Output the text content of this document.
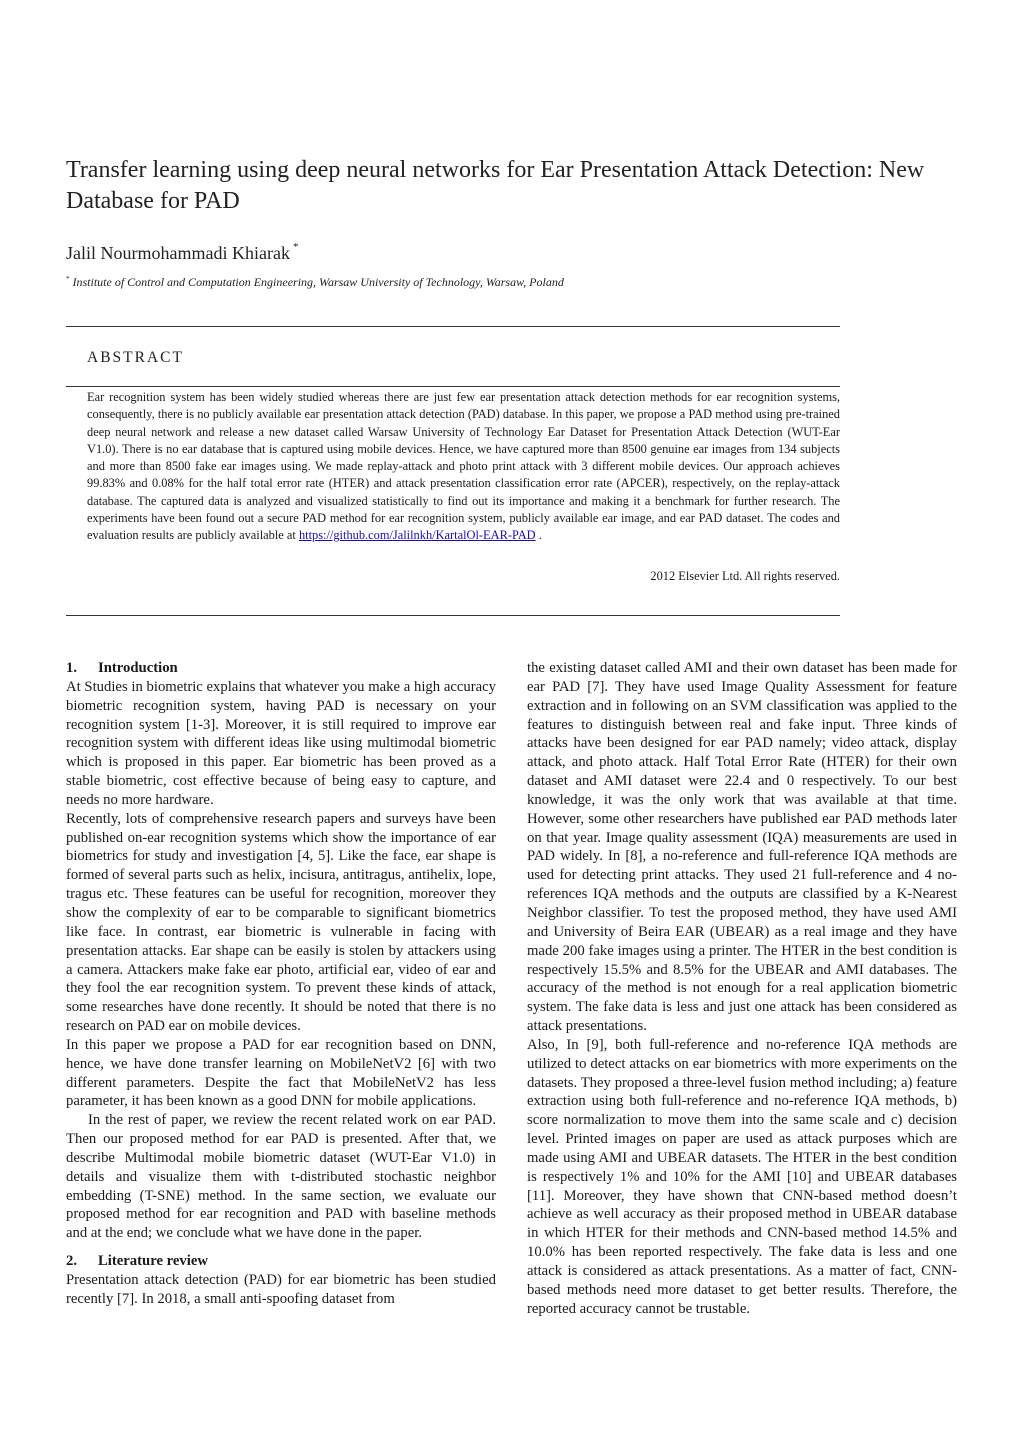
Transfer learning using deep neural networks for Ear Presentation Attack Detection: New Database for PAD
Jalil Nourmohammadi Khiarak *
* Institute of Control and Computation Engineering, Warsaw University of Technology, Warsaw, Poland
ABSTRACT
Ear recognition system has been widely studied whereas there are just few ear presentation attack detection methods for ear recognition systems, consequently, there is no publicly available ear presentation attack detection (PAD) database. In this paper, we propose a PAD method using pre-trained deep neural network and release a new dataset called Warsaw University of Technology Ear Dataset for Presentation Attack Detection (WUT-Ear V1.0). There is no ear database that is captured using mobile devices. Hence, we have captured more than 8500 genuine ear images from 134 subjects and more than 8500 fake ear images using. We made replay-attack and photo print attack with 3 different mobile devices. Our approach achieves 99.83% and 0.08% for the half total error rate (HTER) and attack presentation classification error rate (APCER), respectively, on the replay-attack database. The captured data is analyzed and visualized statistically to find out its importance and making it a benchmark for further research. The experiments have been found out a secure PAD method for ear recognition system, publicly available ear image, and ear PAD dataset. The codes and evaluation results are publicly available at https://github.com/Jalilnkh/KartalOl-EAR-PAD .
2012 Elsevier Ltd. All rights reserved.

1. Introduction

At Studies in biometric explains that whatever you make a high accuracy biometric recognition system, having PAD is necessary on your recognition system [1-3]. Moreover, it is still required to improve ear recognition system with different ideas like using multimodal biometric which is proposed in this paper. Ear biometric has been proved as a stable biometric, cost effective because of being easy to capture, and needs no more hardware.

Recently, lots of comprehensive research papers and surveys have been published on-ear recognition systems which show the importance of ear biometrics for study and investigation [4, 5]. Like the face, ear shape is formed of several parts such as helix, incisura, antitragus, antihelix, lope, tragus etc. These features can be useful for recognition, moreover they show the complexity of ear to be comparable to significant biometrics like face. In contrast, ear biometric is vulnerable in facing with presentation attacks. Ear shape can be easily is stolen by attackers using a camera. Attackers make fake ear photo, artificial ear, video of ear and they fool the ear recognition system. To prevent these kinds of attack, some researches have done recently. It should be noted that there is no research on PAD ear on mobile devices.

In this paper we propose a PAD for ear recognition based on DNN, hence, we have done transfer learning on MobileNetV2 [6] with two different parameters. Despite the fact that MobileNetV2 has less parameter, it has been known as a good DNN for mobile applications.

In the rest of paper, we review the recent related work on ear PAD. Then our proposed method for ear PAD is presented. After that, we describe Multimodal mobile biometric dataset (WUT-Ear V1.0) in details and visualize them with t-distributed stochastic neighbor embedding (T-SNE) method. In the same section, we evaluate our proposed method for ear recognition and PAD with baseline methods and at the end; we conclude what we have done in the paper.

2. Literature review

Presentation attack detection (PAD) for ear biometric has been studied recently [7]. In 2018, a small anti-spoofing dataset from

the existing dataset called AMI and their own dataset has been made for ear PAD [7]. They have used Image Quality Assessment for feature extraction and in following on an SVM classification was applied to the features to distinguish between real and fake input. Three kinds of attacks have been designed for ear PAD namely; video attack, display attack, and photo attack. Half Total Error Rate (HTER) for their own dataset and AMI dataset were 22.4 and 0 respectively. To our best knowledge, it was the only work that was available at that time. However, some other researchers have published ear PAD methods later on that year. Image quality assessment (IQA) measurements are used in PAD widely. In [8], a no-reference and full-reference IQA methods are used for detecting print attacks. They used 21 full-reference and 4 no-references IQA methods and the outputs are classified by a K-Nearest Neighbor classifier. To test the proposed method, they have used AMI and University of Beira EAR (UBEAR) as a real image and they have made 200 fake images using a printer. The HTER in the best condition is respectively 15.5% and 8.5% for the UBEAR and AMI databases. The accuracy of the method is not enough for a real application biometric system. The fake data is less and just one attack has been considered as attack presentations.

Also, In [9], both full-reference and no-reference IQA methods are utilized to detect attacks on ear biometrics with more experiments on the datasets. They proposed a three-level fusion method including; a) feature extraction using both full-reference and no-reference IQA methods, b) score normalization to move them into the same scale and c) decision level. Printed images on paper are used as attack purposes which are made using AMI and UBEAR datasets. The HTER in the best condition is respectively 1% and 10% for the AMI [10] and UBEAR databases [11]. Moreover, they have shown that CNN-based method doesn’t achieve as well accuracy as their proposed method in UBEAR database in which HTER for their methods and CNN-based method 14.5% and 10.0% has been reported respectively. The fake data is less and one attack is considered as attack presentations. As a matter of fact, CNN-based methods need more dataset to get better results. Therefore, the reported accuracy cannot be trustable.
